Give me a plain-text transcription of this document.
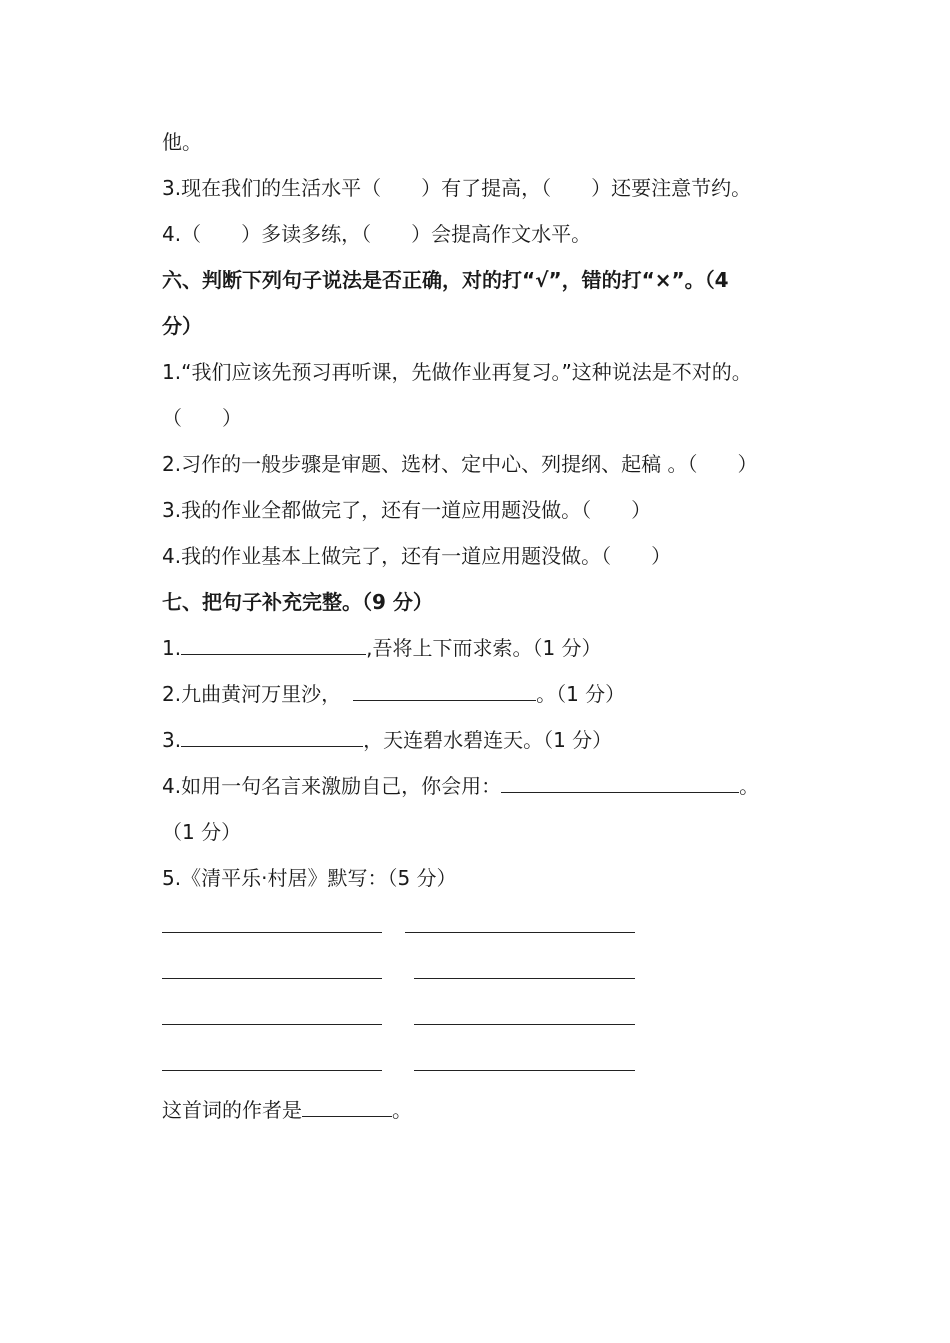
他。
3.现在我们的生活水平（　　）有了提高，（　　）还要注意节约。
4.（　　）多读多练，（　　）会提高作文水平。
六、判断下列句子说法是否正确，对的打“√”，错的打“×”。（4
分）
1.“我们应该先预习再听课，先做作业再复习。”这种说法是不对的。
（　　）
2.习作的一般步骤是审题、选材、定中心、列提纲、起稿 。（　　）
3.我的作业全都做完了，还有一道应用题没做。（　　）
4.我的作业基本上做完了，还有一道应用题没做。（　　）
七、把句子补充完整。（9 分）
1.	,吾将上下而求索。（1 分）
2.九曲黄河万里沙，	。（1 分）
3.	，天连碧水碧连天。（1 分）
4.如用一句名言来激励自己，你会用：	。
（1 分）
5.《清平乐·村居》默写：（5 分）
这首词的作者是	。
